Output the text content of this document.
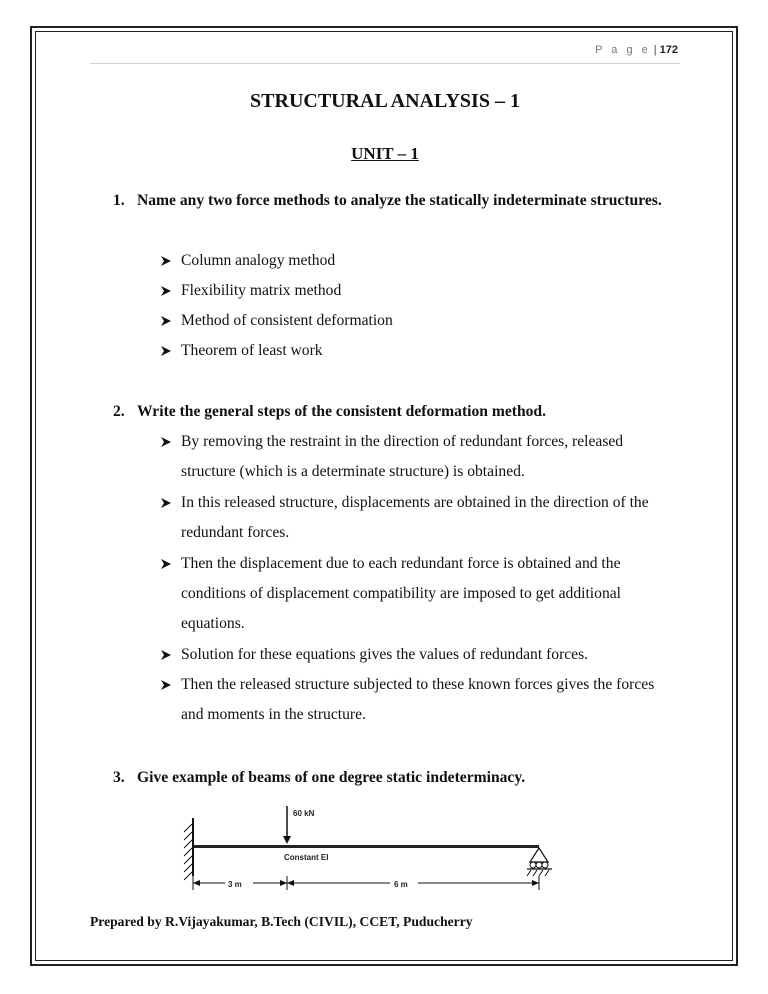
P a g e | 172
STRUCTURAL ANALYSIS – 1
UNIT – 1
1. Name any two force methods to analyze the statically indeterminate structures.
Column analogy method
Flexibility matrix method
Method of consistent deformation
Theorem of least work
2. Write the general steps of the consistent deformation method.
By removing the restraint in the direction of redundant forces, released structure (which is a determinate structure) is obtained.
In this released structure, displacements are obtained in the direction of the redundant forces.
Then the displacement due to each redundant force is obtained and the conditions of displacement compatibility are imposed to get additional equations.
Solution for these equations gives the values of redundant forces.
Then the released structure subjected to these known forces gives the forces and moments in the structure.
3. Give example of beams of one degree static indeterminacy.
60 kN
Constant EI
3 m	6 m
Prepared by R.Vijayakumar, B.Tech (CIVIL), CCET, Puducherry
